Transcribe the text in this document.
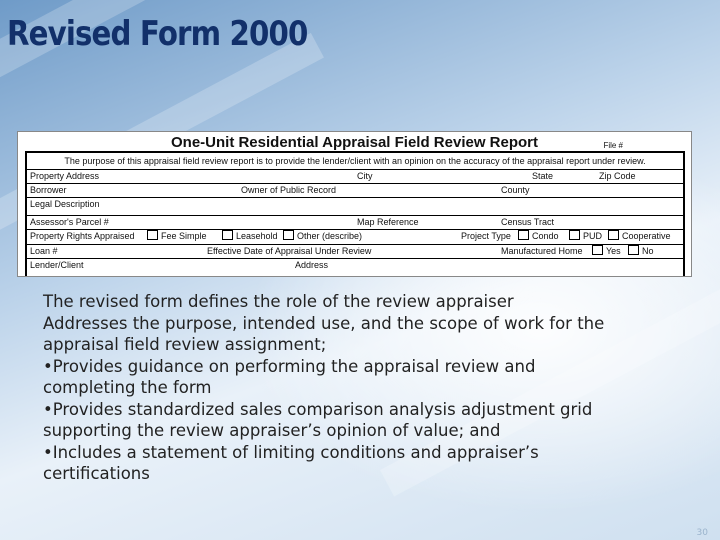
Revised Form 2000
One-Unit Residential Appraisal Field Review Report	File #
The purpose of this appraisal field review report is to provide the lender/client with an opinion on the accuracy of the appraisal report under review.
Property Address	City	State	Zip Code
Borrower	Owner of Public Record	County
Legal Description
Assessor's Parcel #	Map Reference	Census Tract
Property Rights Appraised	Fee Simple	Leasehold	Other (describe)	Project Type	Condo	PUD	Cooperative
Loan #	Effective Date of Appraisal Under Review	Manufactured Home	Yes	No
Lender/Client	Address

The revised form defines the role of the review appraiser

Addresses the purpose, intended use, and the scope of work for the

appraisal field review assignment;

•Provides guidance on performing the appraisal review and

completing the form

•Provides standardized sales comparison analysis adjustment grid

supporting the review appraiser’s opinion of value; and

•Includes a statement of limiting conditions and appraiser’s

certifications

30
